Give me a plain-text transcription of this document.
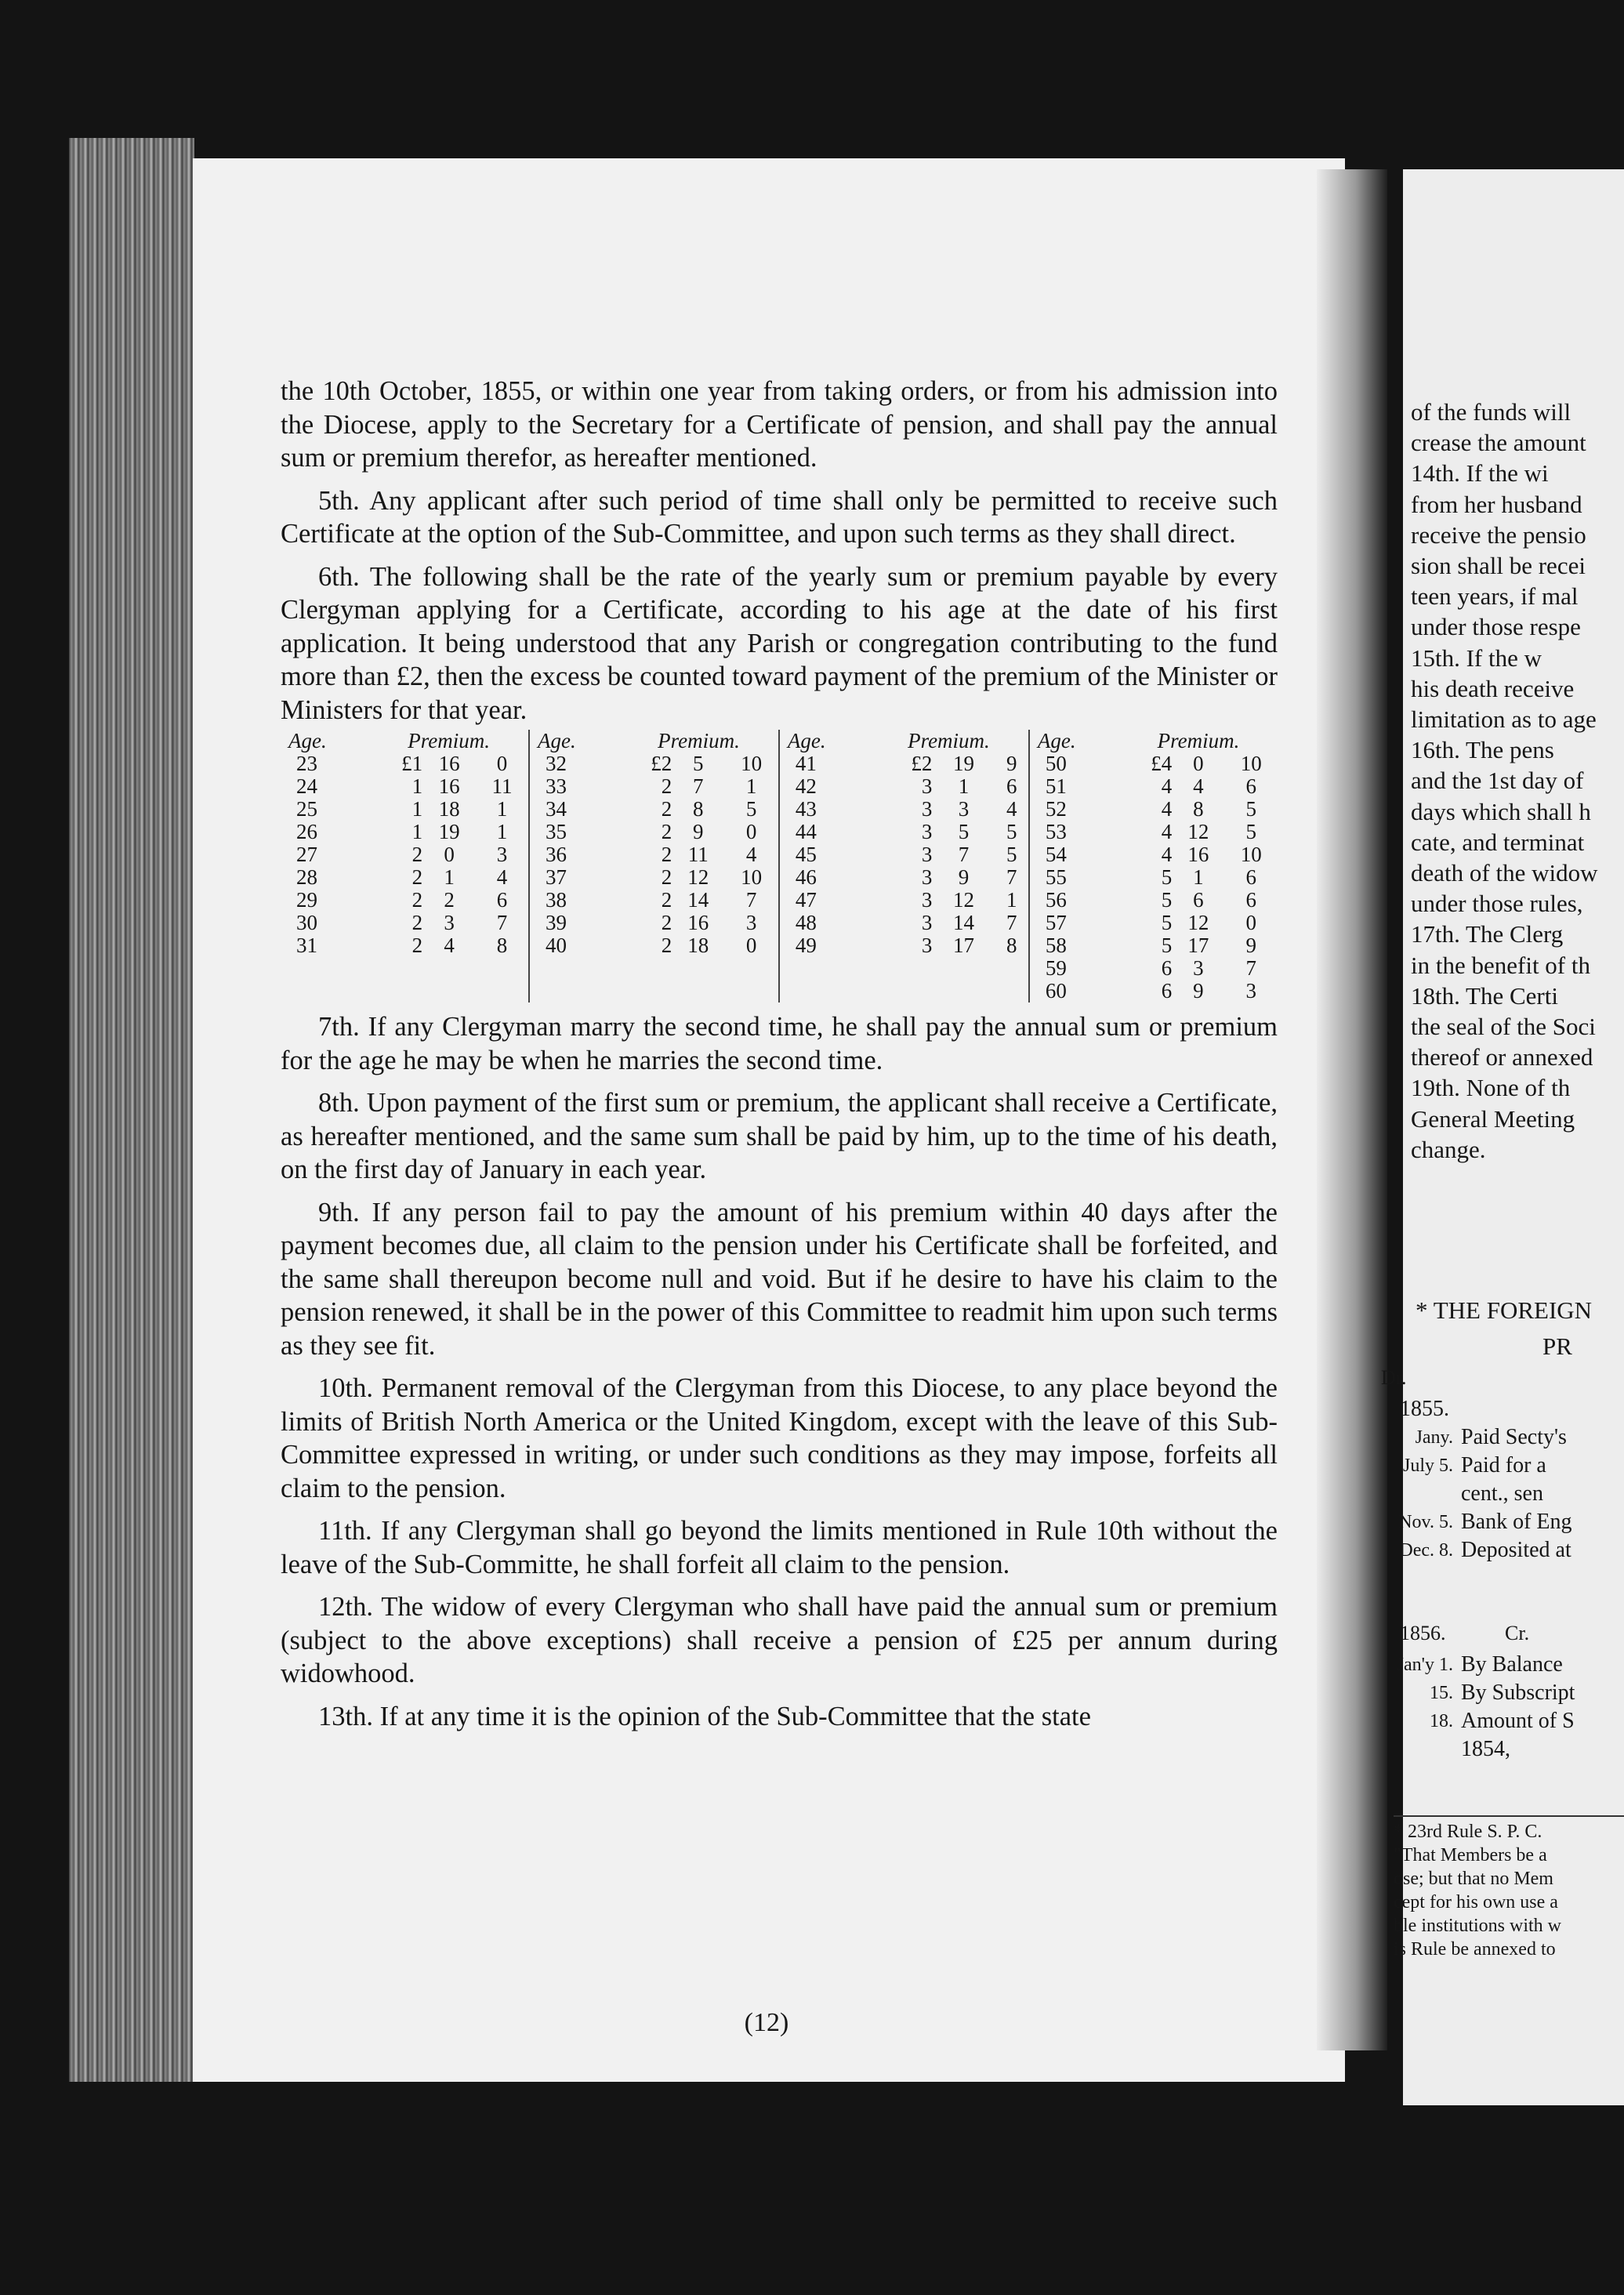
the 10th October, 1855, or within one year from taking orders, or from his admission into the Diocese, apply to the Secretary for a Certificate of pension, and shall pay the annual sum or premium therefor, as hereafter mentioned.

5th. Any applicant after such period of time shall only be permitted to receive such Certificate at the option of the Sub-Committee, and upon such terms as they shall direct.

6th. The following shall be the rate of the yearly sum or premium payable by every Clergyman applying for a Certificate, according to his age at the date of his first application. It being understood that any Parish or congregation contributing to the fund more than £2, then the excess be counted toward payment of the premium of the Minister or Ministers for that year.

Age.	Premium.			Age.	Premium.			Age.	Premium.			Age.	Premium.		
23	£1	16	0	32	£2	5	10	41	£2	19	9	50	£4	0	10
24	1	16	11	33	2	7	1	42	3	1	6	51	4	4	6
25	1	18	1	34	2	8	5	43	3	3	4	52	4	8	5
26	1	19	1	35	2	9	0	44	3	5	5	53	4	12	5
27	2	0	3	36	2	11	4	45	3	7	5	54	4	16	10
28	2	1	4	37	2	12	10	46	3	9	7	55	5	1	6
29	2	2	6	38	2	14	7	47	3	12	1	56	5	6	6
30	2	3	7	39	2	16	3	48	3	14	7	57	5	12	0
31	2	4	8	40	2	18	0	49	3	17	8	58	5	17	9
												59	6	3	7
												60	6	9	3

7th. If any Clergyman marry the second time, he shall pay the annual sum or premium for the age he may be when he marries the second time.

8th. Upon payment of the first sum or premium, the applicant shall receive a Certificate, as hereafter mentioned, and the same sum shall be paid by him, up to the time of his death, on the first day of January in each year.

9th. If any person fail to pay the amount of his premium within 40 days after the payment becomes due, all claim to the pension under his Certificate shall be forfeited, and the same shall thereupon become null and void. But if he desire to have his claim to the pension renewed, it shall be in the power of this Committee to readmit him upon such terms as they see fit.

10th. Permanent removal of the Clergyman from this Diocese, to any place beyond the limits of British North America or the United Kingdom, except with the leave of this Sub-Committee expressed in writing, or under such conditions as they may impose, forfeits all claim to the pension.

11th. If any Clergyman shall go beyond the limits mentioned in Rule 10th without the leave of the Sub-Committe, he shall forfeit all claim to the pension.

12th. The widow of every Clergyman who shall have paid the annual sum or premium (subject to the above exceptions) shall receive a pension of £25 per annum during widowhood.

13th. If at any time it is the opinion of the Sub-Committee that the state

(12)
of the funds will
crease the amount
14th. If the wi
from her husband
receive the pensio
sion shall be recei
teen years, if mal
under those respe
15th. If the w
his death receive
limitation as to age
16th. The pens
and the 1st day of
days which shall h
cate, and terminat
death of the widow
under those rules,
17th. The Clerg
in the benefit of th
18th. The Certi
the seal of the Soci
thereof or annexed
19th. None of th
General Meeting
change.
* THE FOREIGN
PR
Dr.
1855.
Jany. Paid Secty's
July 5. Paid for a
cent., sen
Nov. 5. Bank of Eng
Dec. 8. Deposited at
1856.	Cr.
Jan'y 1. By Balance
15. By Subscript
18. Amount of S
1854,
* 23rd Rule S. P. C.
"That Members be a
ose; but that no Mem
cept for his own use a
ble institutions with w
is Rule be annexed to
